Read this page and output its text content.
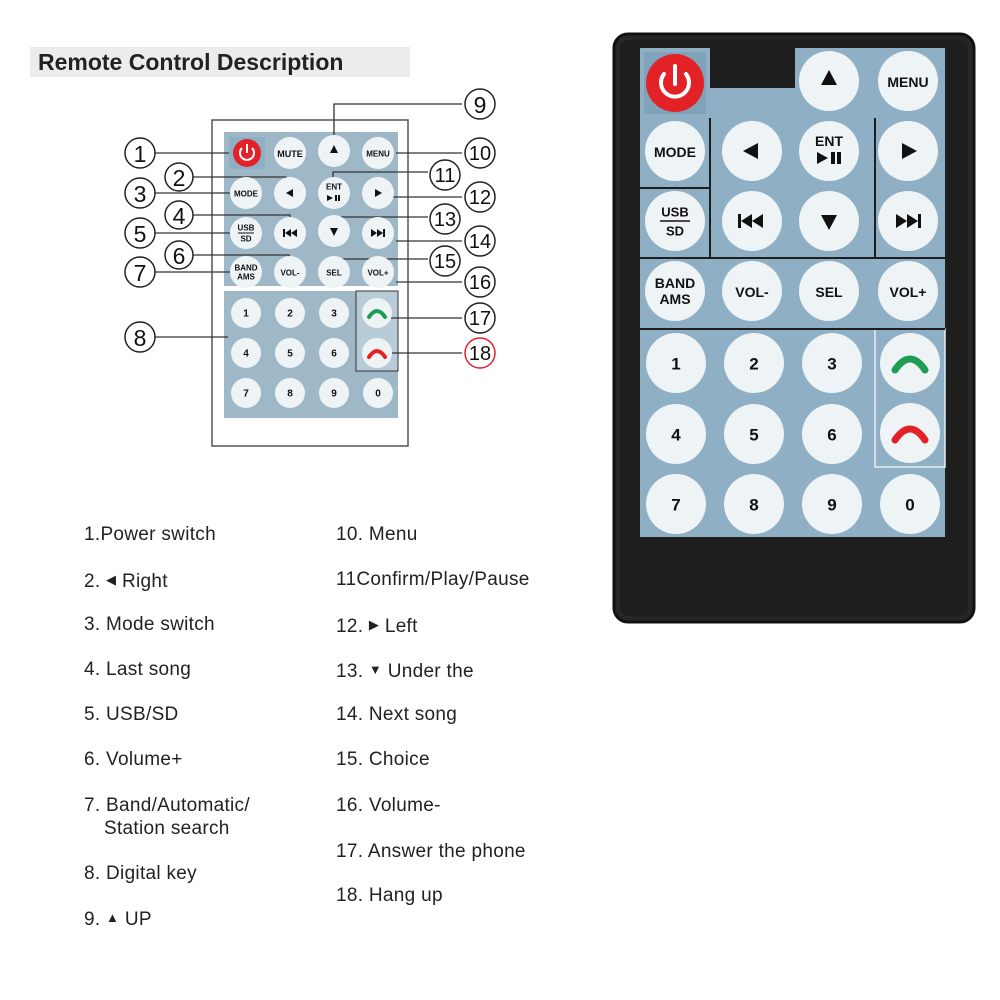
Remote Control Description
MUTE	MENU
MODE
ENT
USB
SD
BAND
AMS	VOL-	SEL	VOL+
1	2	3
4	5	6
7	8	9	0
1
2
3
4
5
6
7
8
9
10
11
12
13
14
15
16
17
18
1.Power switch
2. ◀ Right
3. Mode switch
4. Last song
5. USB/SD
6. Volume+
7. Band/Automatic/
Station search
8. Digital key
9. ▲ UP
10. Menu
11Confirm/Play/Pause
12. ▶ Left
13. ▼ Under the
14. Next song
15. Choice
16. Volume-
17. Answer the phone
18. Hang up
MENU
MODE
ENT
USB
SD
BAND
AMS	VOL-	SEL	VOL+
1	2	3
4	5	6
7	8	9	0
